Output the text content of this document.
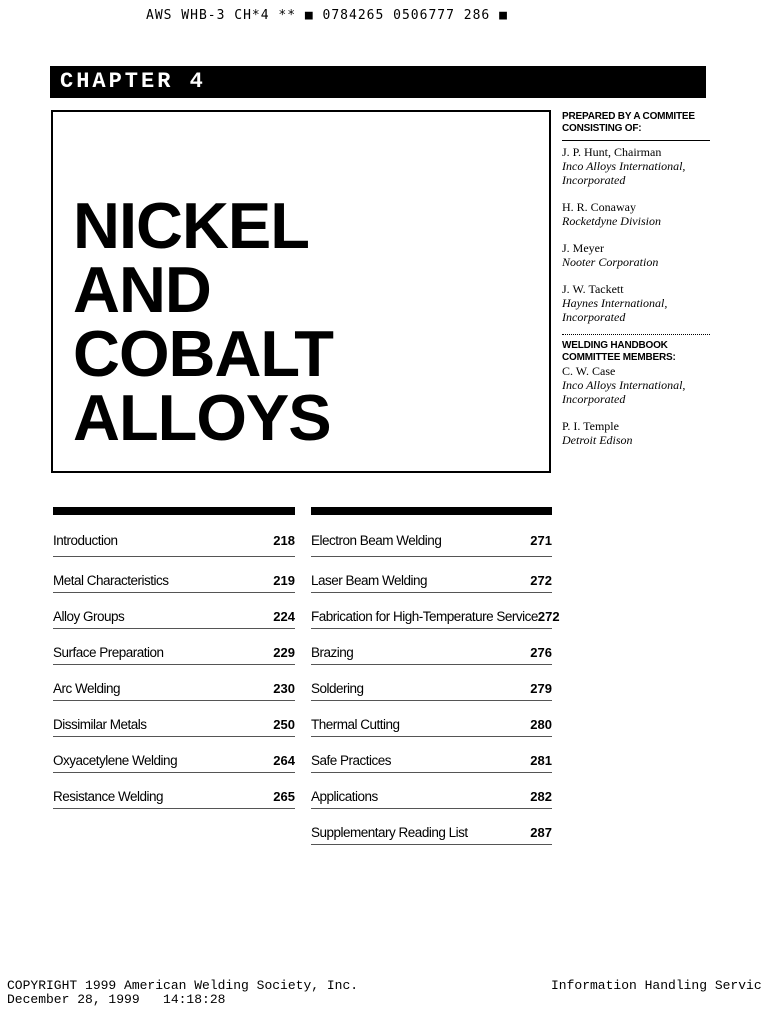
AWS WHB-3 CH*4 ** ■ 0784265 0506777 286 ■
CHAPTER 4
NICKEL
AND
COBALT
ALLOYS
PREPARED BY A COMMITEE CONSISTING OF:
J. P. Hunt, Chairman
Inco Alloys International, Incorporated
H. R. Conaway
Rocketdyne Division
J. Meyer
Nooter Corporation
J. W. Tackett
Haynes International, Incorporated
WELDING HANDBOOK COMMITTEE MEMBERS:
C. W. Case
Inco Alloys International, Incorporated
P. I. Temple
Detroit Edison
Introduction	218
Metal Characteristics	219
Alloy Groups	224
Surface Preparation	229
Arc Welding	230
Dissimilar Metals	250
Oxyacetylene Welding	264
Resistance Welding	265
Electron Beam Welding	271
Laser Beam Welding	272
Fabrication for High-Temperature Service 272
Brazing	276
Soldering	279
Thermal Cutting	280
Safe Practices	281
Applications	282
Supplementary Reading List	287
COPYRIGHT 1999 American Welding Society, Inc.
December 28, 1999   14:18:28
Information Handling Servic
